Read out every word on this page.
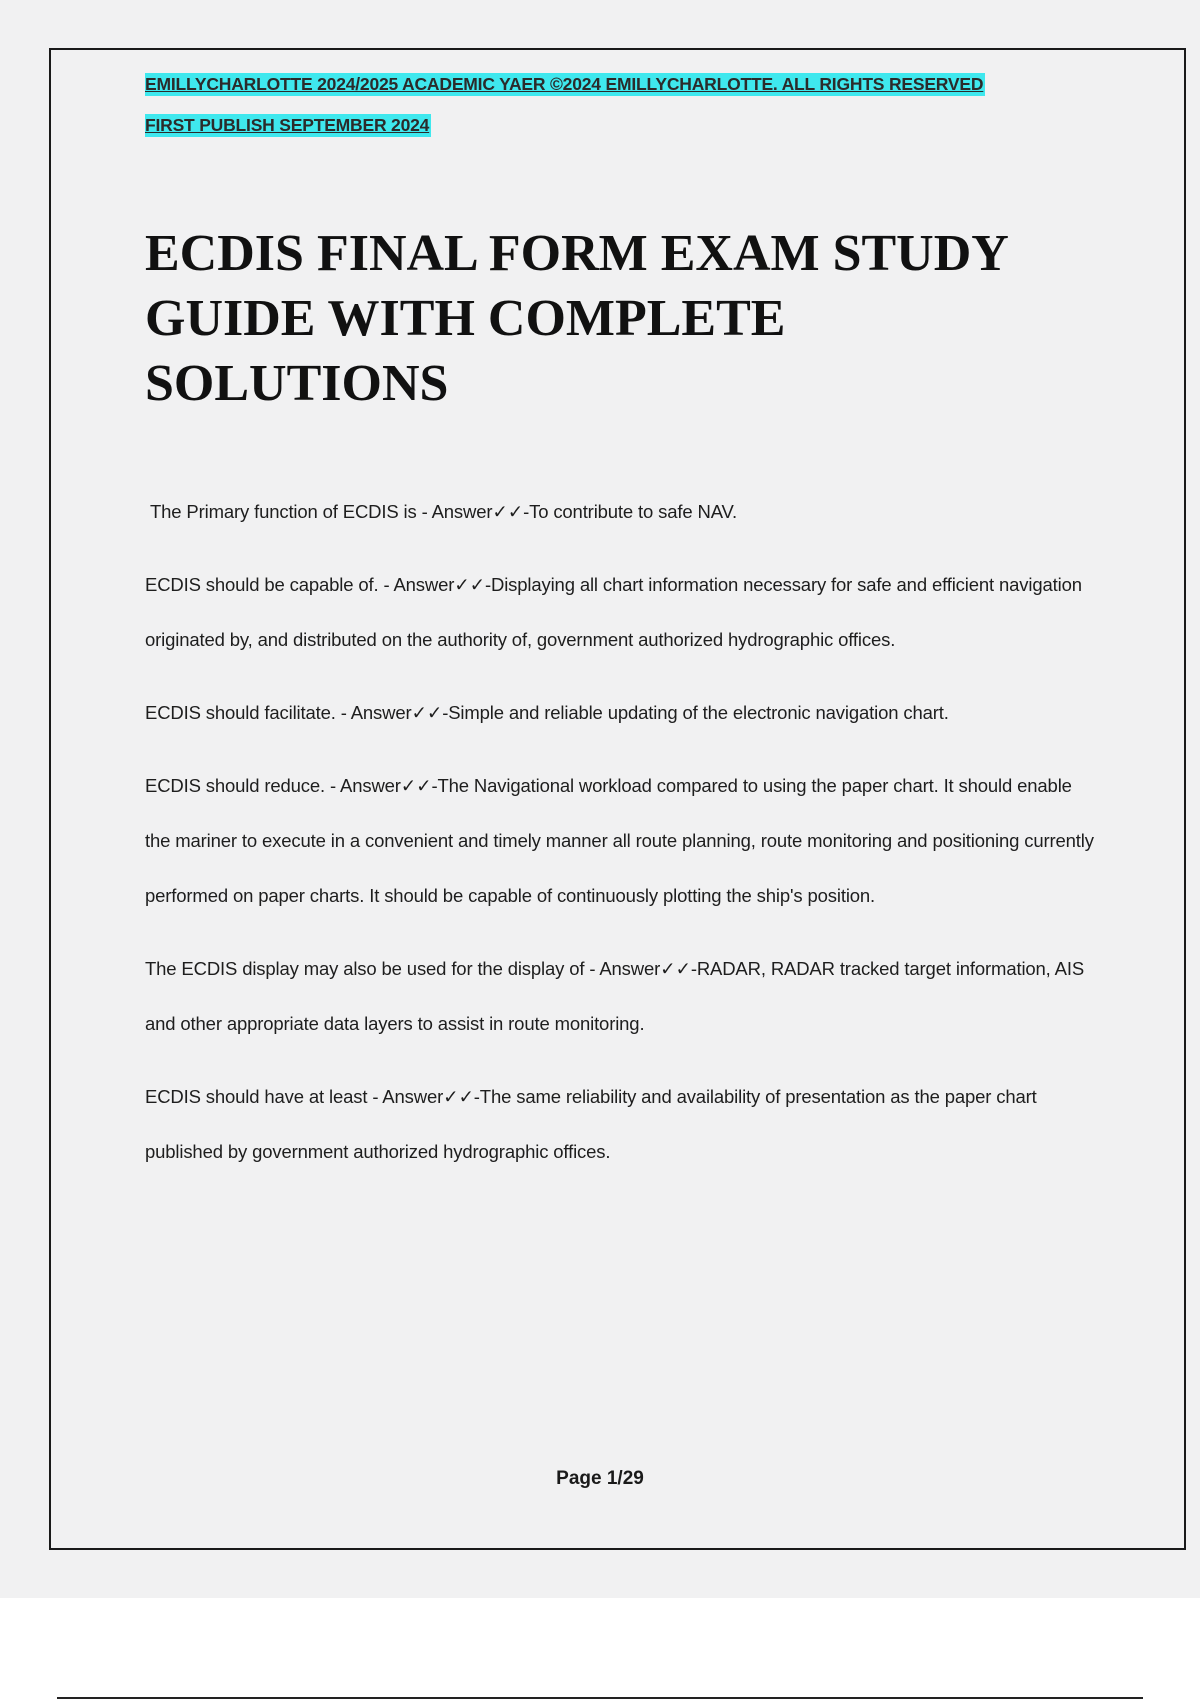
EMILLYCHARLOTTE 2024/2025 ACADEMIC YAER ©2024 EMILLYCHARLOTTE. ALL RIGHTS RESERVED
FIRST PUBLISH SEPTEMBER 2024
ECDIS FINAL FORM EXAM STUDY GUIDE WITH COMPLETE SOLUTIONS

The Primary function of ECDIS is - Answer✓✓-To contribute to safe NAV.

ECDIS should be capable of. - Answer✓✓-Displaying all chart information necessary for safe and efficient navigation originated by, and distributed on the authority of, government authorized hydrographic offices.

ECDIS should facilitate. - Answer✓✓-Simple and reliable updating of the electronic navigation chart.

ECDIS should reduce. - Answer✓✓-The Navigational workload compared to using the paper chart. It should enable the mariner to execute in a convenient and timely manner all route planning, route monitoring and positioning currently performed on paper charts. It should be capable of continuously plotting the ship's position.

The ECDIS display may also be used for the display of - Answer✓✓-RADAR, RADAR tracked target information, AIS and other appropriate data layers to assist in route monitoring.

ECDIS should have at least - Answer✓✓-The same reliability and availability of presentation as the paper chart published by government authorized hydrographic offices.

Page 1/29
